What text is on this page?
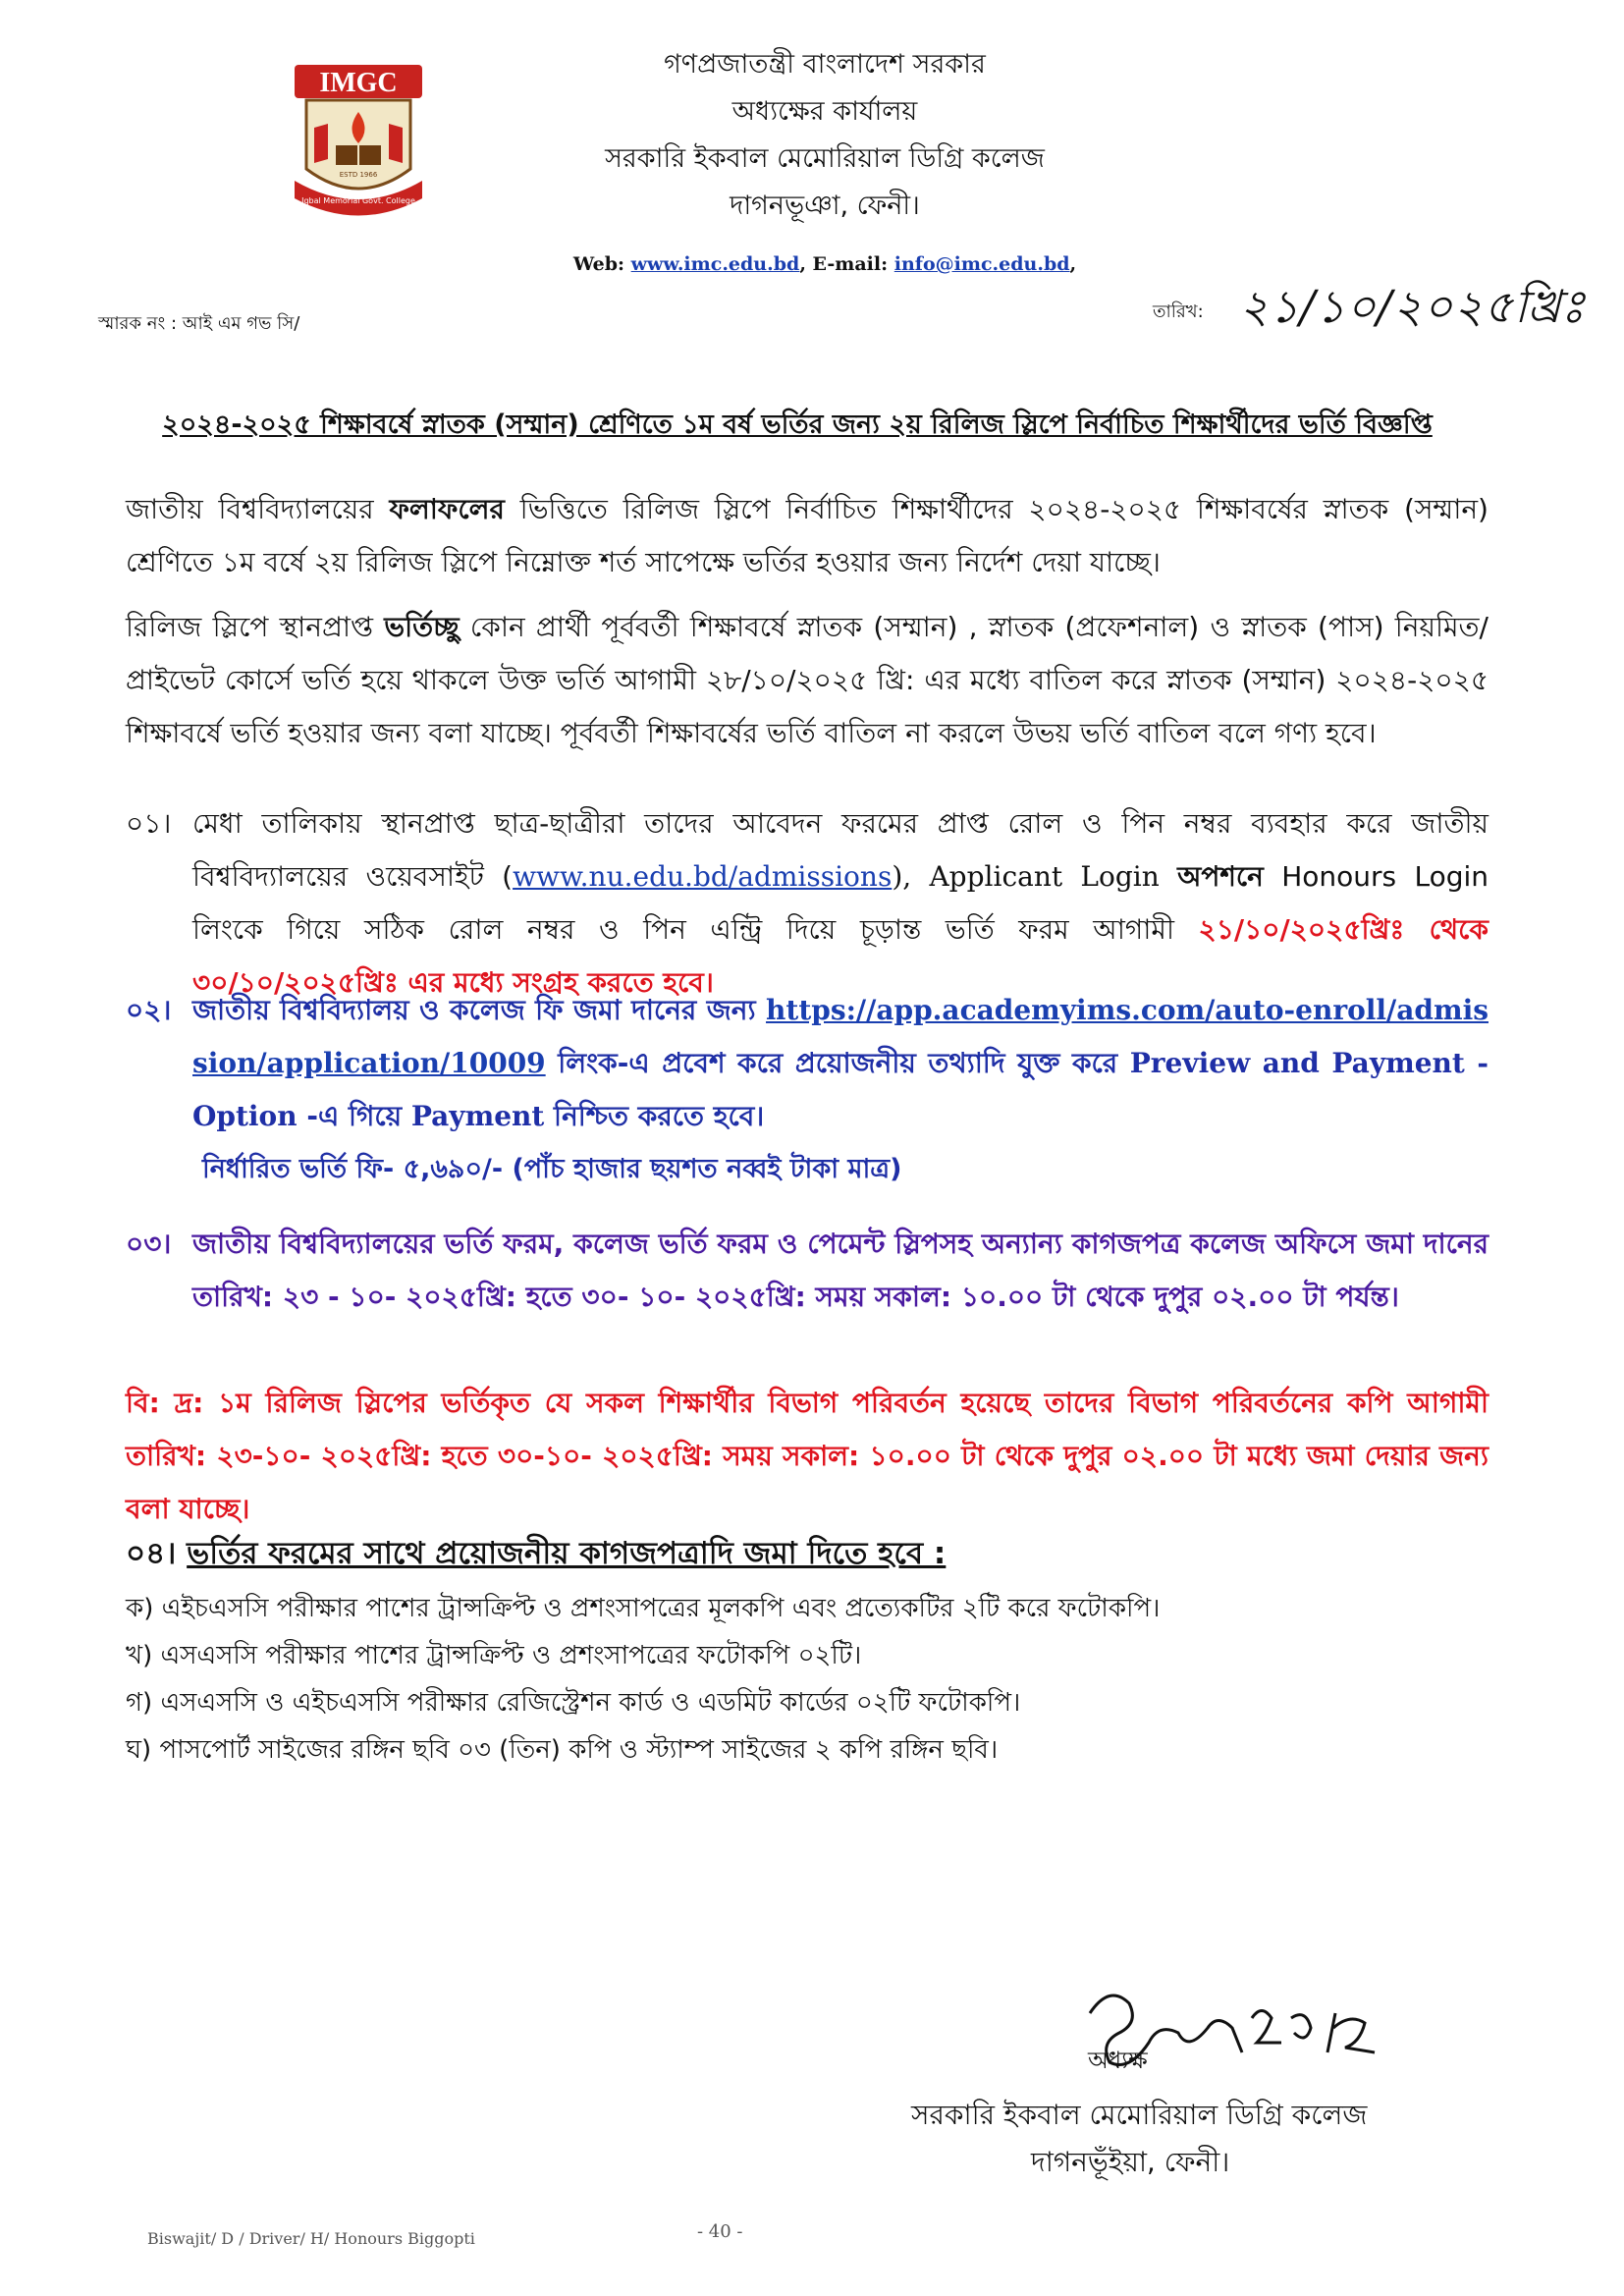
IMGC
Iqbal Memorial Govt. College
ESTD 1966
গণপ্রজাতন্ত্রী বাংলাদেশ সরকার
অধ্যক্ষের কার্যালয়
সরকারি ইকবাল মেমোরিয়াল ডিগ্রি কলেজ
দাগনভূঞা, ফেনী।
Web: www.imc.edu.bd, E-mail: info@imc.edu.bd,
স্মারক নং : আই এম গভ সি/
তারিখ: ২১/১০/২০২৫খ্রিঃ
২০২৪-২০২৫ শিক্ষাবর্ষে স্নাতক (সম্মান) শ্রেণিতে ১ম বর্ষ ভর্তির জন্য ২য় রিলিজ স্লিপে নির্বাচিত শিক্ষার্থীদের ভর্তি বিজ্ঞপ্তি
জাতীয় বিশ্ববিদ্যালয়ের ফলাফলের ভিত্তিতে রিলিজ স্লিপে নির্বাচিত শিক্ষার্থীদের ২০২৪-২০২৫ শিক্ষাবর্ষের স্নাতক (সম্মান) শ্রেণিতে ১ম বর্ষে ২য় রিলিজ স্লিপে নিম্নোক্ত শর্ত সাপেক্ষে ভর্তির হওয়ার জন্য নির্দেশ দেয়া যাচ্ছে।
রিলিজ স্লিপে স্থানপ্রাপ্ত ভর্তিচ্ছু কোন প্রার্থী পূর্ববর্তী শিক্ষাবর্ষে স্নাতক (সম্মান) , স্নাতক (প্রফেশনাল) ও স্নাতক (পাস) নিয়মিত/ প্রাইভেট কোর্সে ভর্তি হয়ে থাকলে উক্ত ভর্তি আগামী ২৮/১০/২০২৫ খ্রি: এর মধ্যে বাতিল করে স্নাতক (সম্মান) ২০২৪-২০২৫ শিক্ষাবর্ষে ভর্তি হওয়ার জন্য বলা যাচ্ছে। পূর্ববর্তী শিক্ষাবর্ষের ভর্তি বাতিল না করলে উভয় ভর্তি বাতিল বলে গণ্য হবে।
০১। মেধা তালিকায় স্থানপ্রাপ্ত ছাত্র-ছাত্রীরা তাদের আবেদন ফরমের প্রাপ্ত রোল ও পিন নম্বর ব্যবহার করে জাতীয় বিশ্ববিদ্যালয়ের ওয়েবসাইট (www.nu.edu.bd/admissions), Applicant Login অপশনে Honours Login লিংকে গিয়ে সঠিক রোল নম্বর ও পিন এন্ট্রি দিয়ে চূড়ান্ত ভর্তি ফরম আগামী ২১/১০/২০২৫খ্রিঃ থেকে ৩০/১০/২০২৫খ্রিঃ এর মধ্যে সংগ্রহ করতে হবে।
০২। জাতীয় বিশ্ববিদ্যালয় ও কলেজ ফি জমা দানের জন্য https://app.academyims.com/auto-enroll/admission/application/10009 লিংক-এ প্রবেশ করে প্রয়োজনীয় তথ্যাদি যুক্ত করে Preview and Payment - Option -এ গিয়ে Payment নিশ্চিত করতে হবে।
নির্ধারিত ভর্তি ফি- ৫,৬৯০/- (পাঁচ হাজার ছয়শত নব্বই টাকা মাত্র)
০৩। জাতীয় বিশ্ববিদ্যালয়ের ভর্তি ফরম, কলেজ ভর্তি ফরম ও পেমেন্ট স্লিপসহ অন্যান্য কাগজপত্র কলেজ অফিসে জমা দানের তারিখ: ২৩ - ১০- ২০২৫খ্রি: হতে ৩০- ১০- ২০২৫খ্রি: সময় সকাল: ১০.০০ টা থেকে দুপুর ০২.০০ টা পর্যন্ত।
বি: দ্র: ১ম রিলিজ স্লিপের ভর্তিকৃত যে সকল শিক্ষার্থীর বিভাগ পরিবর্তন হয়েছে তাদের বিভাগ পরিবর্তনের কপি আগামী তারিখ: ২৩-১০- ২০২৫খ্রি: হতে ৩০-১০- ২০২৫খ্রি: সময় সকাল: ১০.০০ টা থেকে দুপুর ০২.০০ টা মধ্যে জমা দেয়ার জন্য বলা যাচ্ছে।
০৪। ভর্তির ফরমের সাথে প্রয়োজনীয় কাগজপত্রাদি জমা দিতে হবে :
ক) এইচএসসি পরীক্ষার পাশের ট্রান্সক্রিপ্ট ও প্রশংসাপত্রের মূলকপি এবং প্রত্যেকটির ২টি করে ফটোকপি।
খ) এসএসসি পরীক্ষার পাশের ট্রান্সক্রিপ্ট ও প্রশংসাপত্রের ফটোকপি ০২টি।
গ) এসএসসি ও এইচএসসি পরীক্ষার রেজিস্ট্রেশন কার্ড ও এডমিট কার্ডের ০২টি ফটোকপি।
ঘ) পাসপোর্ট সাইজের রঙ্গিন ছবি ০৩ (তিন) কপি ও স্ট্যাম্প সাইজের ২ কপি রঙ্গিন ছবি।
অধ্যক্ষ
সরকারি ইকবাল মেমোরিয়াল ডিগ্রি কলেজ
দাগনভূঁইয়া, ফেনী।
Biswajit/ D / Driver/ H/ Honours Biggopti	- 40 -
